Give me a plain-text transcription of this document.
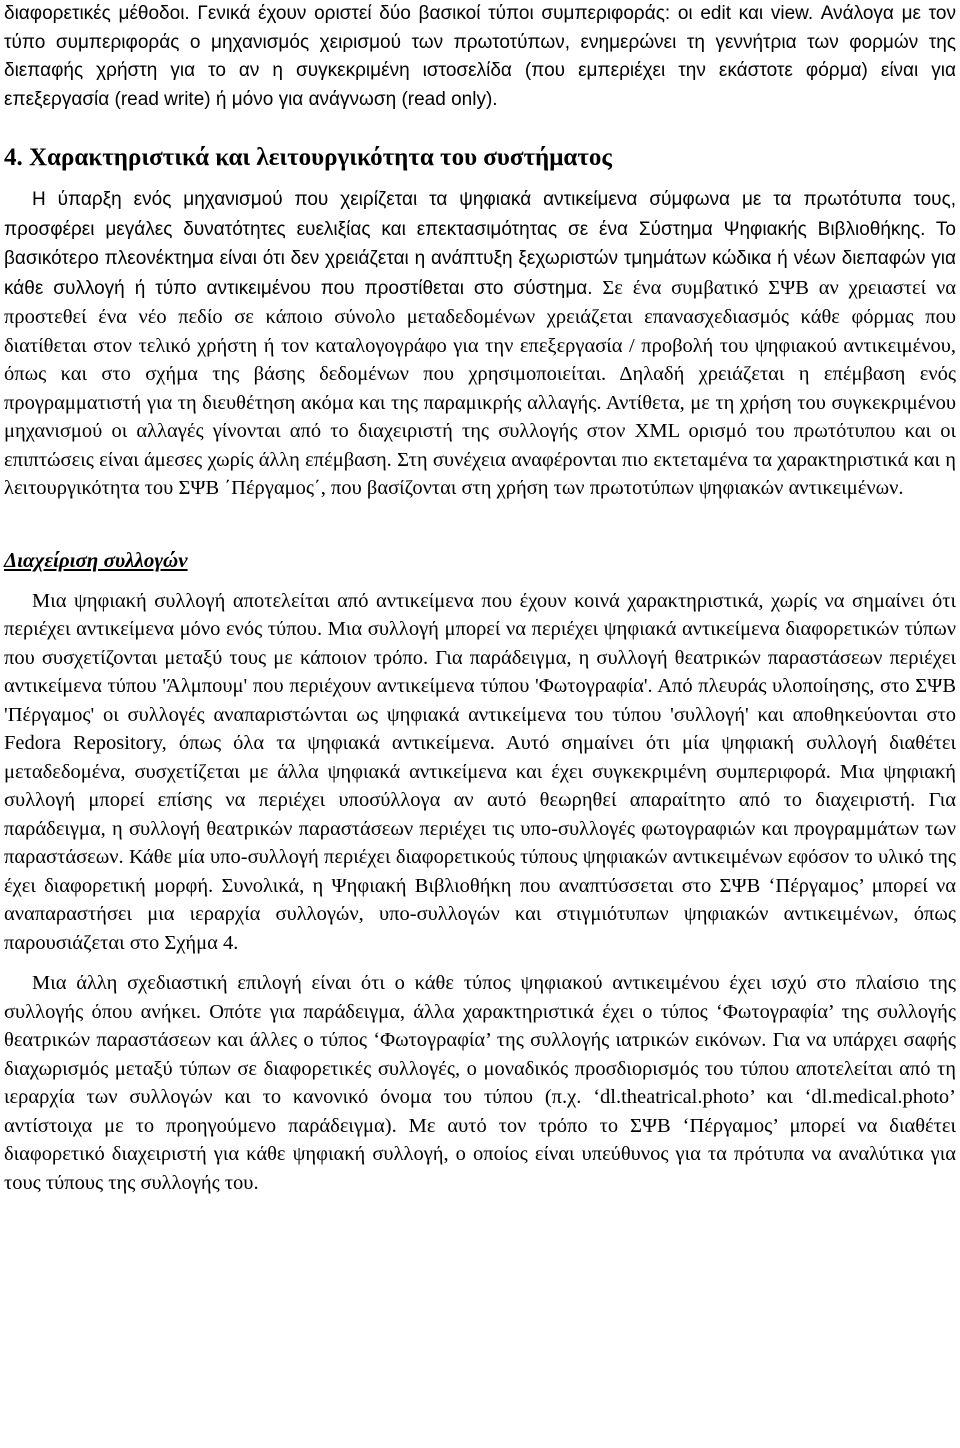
διαφορετικές μέθοδοι. Γενικά έχουν οριστεί δύο βασικοί τύποι συμπεριφοράς: οι edit και view. Ανάλογα με τον τύπο συμπεριφοράς ο μηχανισμός χειρισμού των πρωτοτύπων, ενημερώνει τη γεννήτρια των φορμών της διεπαφής χρήστη για το αν η συγκεκριμένη ιστοσελίδα (που εμπεριέχει την εκάστοτε φόρμα) είναι για επεξεργασία (read write) ή μόνο για ανάγνωση (read only).

4. Χαρακτηριστικά και λειτουργικότητα του συστήματος

Η ύπαρξη ενός μηχανισμού που χειρίζεται τα ψηφιακά αντικείμενα σύμφωνα με τα πρωτότυπα τους, προσφέρει μεγάλες δυνατότητες ευελιξίας και επεκτασιμότητας σε ένα Σύστημα Ψηφιακής Βιβλιοθήκης. Το βασικότερο πλεονέκτημα είναι ότι δεν χρειάζεται η ανάπτυξη ξεχωριστών τμημάτων κώδικα ή νέων διεπαφών για κάθε συλλογή ή τύπο αντικειμένου που προστίθεται στο σύστημα. Σε ένα συμβατικό ΣΨΒ αν χρειαστεί να προστεθεί ένα νέο πεδίο σε κάποιο σύνολο μεταδεδομένων χρειάζεται επανασχεδιασμός κάθε φόρμας που διατίθεται στον τελικό χρήστη ή τον καταλογογράφο για την επεξεργασία / προβολή του ψηφιακού αντικειμένου, όπως και στο σχήμα της βάσης δεδομένων που χρησιμοποιείται. Δηλαδή χρειάζεται η επέμβαση ενός προγραμματιστή για τη διευθέτηση ακόμα και της παραμικρής αλλαγής. Αντίθετα, με τη χρήση του συγκεκριμένου μηχανισμού οι αλλαγές γίνονται από το διαχειριστή της συλλογής στον XML ορισμό του πρωτότυπου και οι επιπτώσεις είναι άμεσες χωρίς άλλη επέμβαση. Στη συνέχεια αναφέρονται πιο εκτεταμένα τα χαρακτηριστικά και η λειτουργικότητα του ΣΨΒ ΄Πέργαμος΄, που βασίζονται στη χρήση των πρωτοτύπων ψηφιακών αντικειμένων.

Διαχείριση συλλογών

Μια ψηφιακή συλλογή αποτελείται από αντικείμενα που έχουν κοινά χαρακτηριστικά, χωρίς να σημαίνει ότι περιέχει αντικείμενα μόνο ενός τύπου. Μια συλλογή μπορεί να περιέχει ψηφιακά αντικείμενα διαφορετικών τύπων που συσχετίζονται μεταξύ τους με κάποιον τρόπο. Για παράδειγμα, η συλλογή θεατρικών παραστάσεων περιέχει αντικείμενα τύπου 'Άλμπουμ' που περιέχουν αντικείμενα τύπου 'Φωτογραφία'. Από πλευράς υλοποίησης, στο ΣΨΒ 'Πέργαμος' οι συλλογές αναπαριστώνται ως ψηφιακά αντικείμενα του τύπου 'συλλογή' και αποθηκεύονται στο Fedora Repository, όπως όλα τα ψηφιακά αντικείμενα. Αυτό σημαίνει ότι μία ψηφιακή συλλογή διαθέτει μεταδεδομένα, συσχετίζεται με άλλα ψηφιακά αντικείμενα και έχει συγκεκριμένη συμπεριφορά. Μια ψηφιακή συλλογή μπορεί επίσης να περιέχει υποσύλλογα αν αυτό θεωρηθεί απαραίτητο από το διαχειριστή. Για παράδειγμα, η συλλογή θεατρικών παραστάσεων περιέχει τις υπο-συλλογές φωτογραφιών και προγραμμάτων των παραστάσεων. Κάθε μία υπο-συλλογή περιέχει διαφορετικούς τύπους ψηφιακών αντικειμένων εφόσον το υλικό της έχει διαφορετική μορφή. Συνολικά, η Ψηφιακή Βιβλιοθήκη που αναπτύσσεται στο ΣΨΒ ‘Πέργαμος’ μπορεί να αναπαραστήσει μια ιεραρχία συλλογών, υπο-συλλογών και στιγμιότυπων ψηφιακών αντικειμένων, όπως παρουσιάζεται στο Σχήμα 4.

Μια άλλη σχεδιαστική επιλογή είναι ότι ο κάθε τύπος ψηφιακού αντικειμένου έχει ισχύ στο πλαίσιο της συλλογής όπου ανήκει. Οπότε για παράδειγμα, άλλα χαρακτηριστικά έχει ο τύπος ‘Φωτογραφία’ της συλλογής θεατρικών παραστάσεων και άλλες ο τύπος ‘Φωτογραφία’ της συλλογής ιατρικών εικόνων. Για να υπάρχει σαφής διαχωρισμός μεταξύ τύπων σε διαφορετικές συλλογές, ο μοναδικός προσδιορισμός του τύπου αποτελείται από τη ιεραρχία των συλλογών και το κανονικό όνομα του τύπου (π.χ. ‘dl.theatrical.photo’ και ‘dl.medical.photo’ αντίστοιχα με το προηγούμενο παράδειγμα). Με αυτό τον τρόπο το ΣΨΒ ‘Πέργαμος’ μπορεί να διαθέτει διαφορετικό διαχειριστή για κάθε ψηφιακή συλλογή, ο οποίος είναι υπεύθυνος για τα πρότυπα να αναλύτικα για τους τύπους της συλλογής του.
